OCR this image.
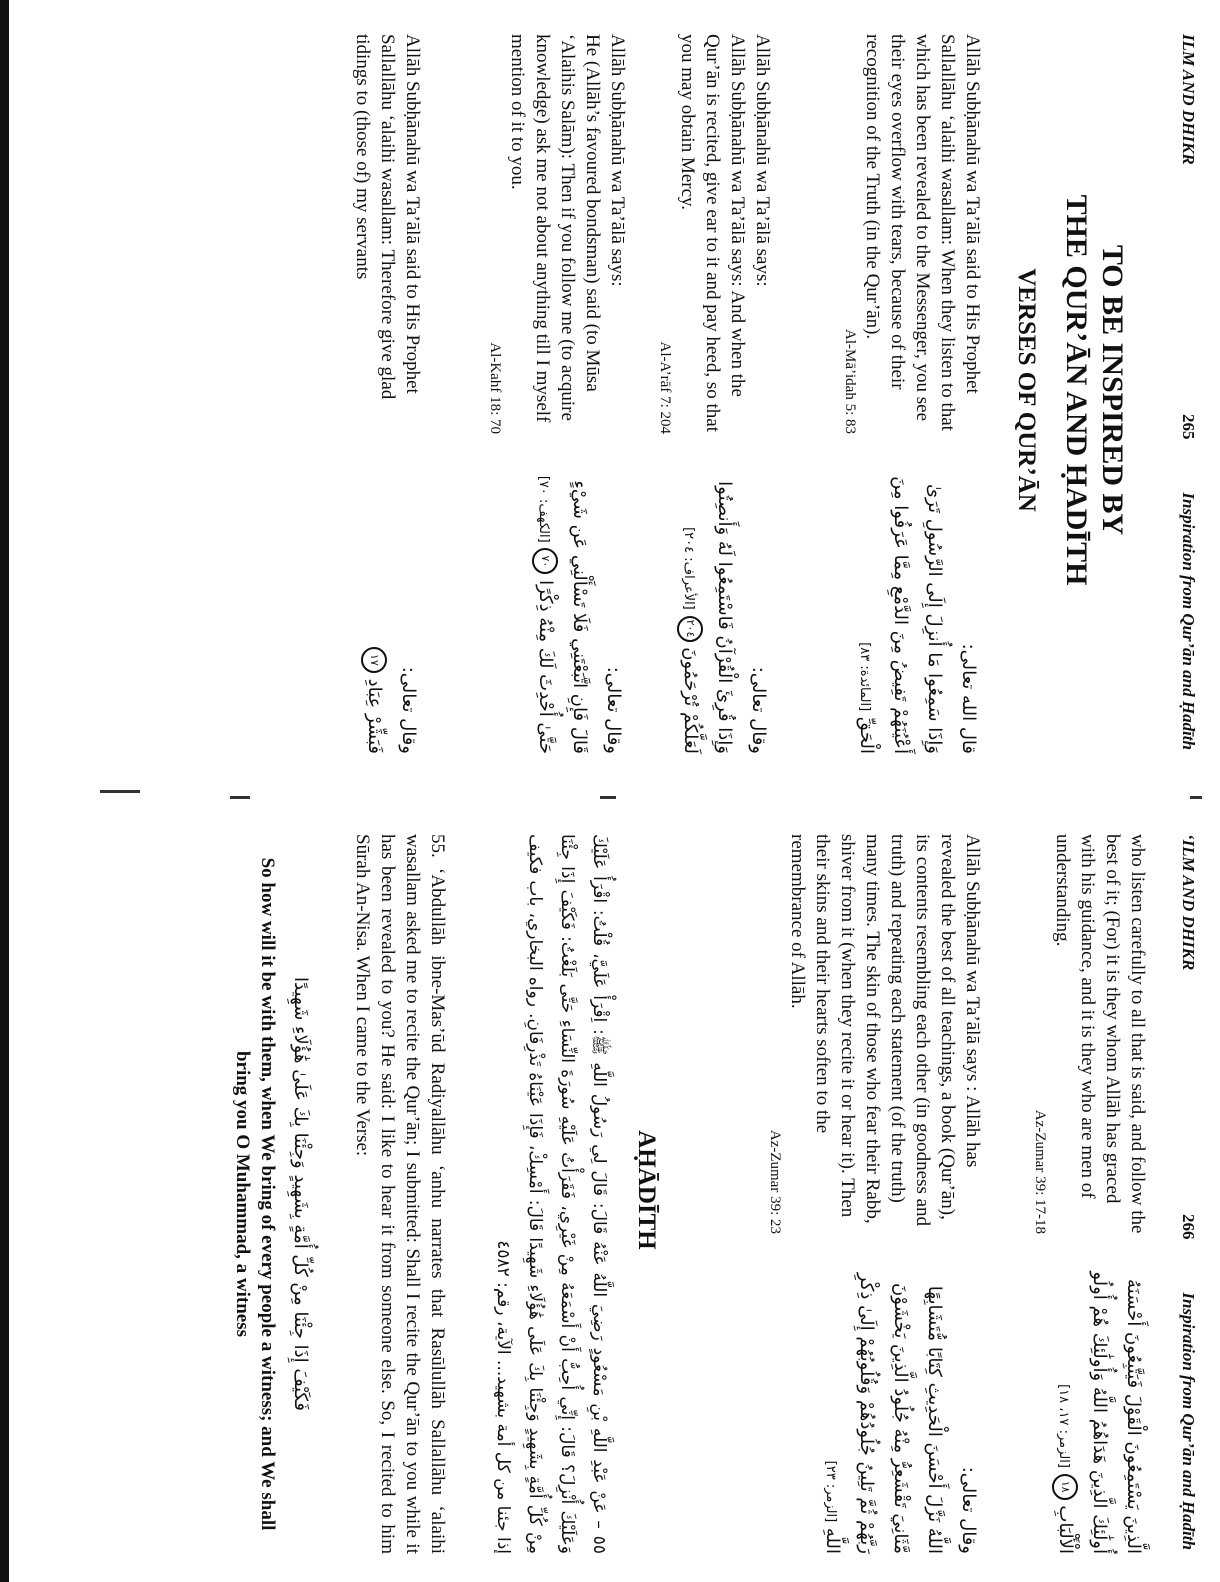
ILM AND DHIKR
265
Inspiration from Qur’ān and Ḥadīth
TO BE INSPIRED BY
THE QUR’ĀN AND ḤADĪTH
VERSES OF QUR’ĀN
Allāh Subḥānahū wa Ta’ālā said to His Prophet Sallallāhu ‘alaihi wasallam: When they listen to that which has been revealed to the Messenger, you see their eyes overflow with tears, because of their recognition of the Truth (in the Qur’ān).
Al-Mā’idah 5: 83
قال الله تعالى:
وَإِذَا سَمِعُوا مَا أُنزِلَ إِلَى الرَّسُولِ تَرَىٰ أَعْيُنَهُمْ تَفِيضُ مِنَ الدَّمْعِ مِمَّا عَرَفُوا مِنَ الْحَقِّ [المائدة: ٨٣]
Allāh Subḥānahū wa Ta’ālā says:
Allāh Subḥānahū wa Ta’ālā says: And when the Qur’ān is recited, give ear to it and pay heed, so that you may obtain Mercy.
Al-A’rāf 7: 204
وقال تعالى:
وَإِذَا قُرِئَ الْقُرْآنُ فَاسْتَمِعُوا لَهُ وَأَنصِتُوا لَعَلَّكُمْ تُرْحَمُونَ ٢٠٤ [الأعراف: ٢٠٤]
Allāh Subḥānahū wa Ta’ālā says:
He (Allāh’s favoured bondsman) said (to Mūsa ‘Alaihis Salām): Then if you follow me (to acquire knowledge) ask me not about anything till I myself mention of it to you.
Al-Kahf 18: 70
وقال تعالى:
قَالَ فَإِنِ اتَّبَعْتَنِي فَلَا تَسْأَلْنِي عَن شَيْءٍ حَتَّىٰ أُحْدِثَ لَكَ مِنْهُ ذِكْرًا ٧٠ [الكهف: ٧٠]
Allāh Subḥānahū wa Ta’ālā said to His Prophet Sallallāhu ‘alaihi wasallam: Therefore give glad tidings to (those of) my servants
وقال تعالى:
فَبَشِّرْ عِبَادِ ١٧
‘ILM AND DHIKR
266
Inspiration from Qur’ān and Ḥadīth
who listen carefully to all that is said, and follow the best of it; (For) it is they whom Allāh has graced with his guidance, and it is they who are men of understanding.
Az-Zumar 39: 17-18
الَّذِينَ يَسْتَمِعُونَ الْقَوْلَ فَيَتَّبِعُونَ أَحْسَنَهُ أُولَٰئِكَ الَّذِينَ هَدَاهُمُ اللَّهُ وَأُولَٰئِكَ هُمْ أُولُو الْأَلْبَابِ ١٨ [الزمر: ١٧، ١٨]
Allāh Subḥānahū wa Ta’ālā says : Allāh has revealed the best of all teachings, a book (Qur’ān), its contents resembling each other (in goodness and truth) and repeating each statement (of the truth) many times. The skin of those who fear their Rabb, shiver from it (when they recite it or hear it). Then their skins and their hearts soften to the remembrance of Allāh.
Az-Zumar 39: 23
وقال تعالى:
اللَّهُ نَزَّلَ أَحْسَنَ الْحَدِيثِ كِتَابًا مُّتَشَابِهًا مَّثَانِيَ تَقْشَعِرُّ مِنْهُ جُلُودُ الَّذِينَ يَخْشَوْنَ رَبَّهُمْ ثُمَّ تَلِينُ جُلُودُهُمْ وَقُلُوبُهُمْ إِلَىٰ ذِكْرِ اللَّهِ [الزمر: ٢٣]
AḤĀDĪTH
٥٥ – عَنْ عَبْدِ اللَّهِ بْنِ مَسْعُودٍ رَضِيَ اللَّهُ عَنْهُ قَالَ: قَالَ لِي رَسُولُ اللَّهِ ﷺ: اِقْرَأْ عَلَيَّ، قُلْتُ: اقْرَأُ عَلَيْكَ وَعَلَيْكَ أُنْزِلَ؟ قَالَ: إِنِّي أُحِبُّ أَنْ أَسْمَعَهُ مِنْ غَيْرِي، فَقَرَأْتُ عَلَيْهِ سُورَةَ النِّسَاءِ حَتَّى بَلَغْتُ: فَكَيْفَ إِذَا جِئْنَا مِنْ كُلِّ أُمَّةٍ بِشَهِيدٍ وَجِئْنَا بِكَ عَلَى هَٰؤُلَاءِ شَهِيدًا قَالَ: أَمْسِكْ، فَإِذَا عَيْنَاهُ تَذْرِفَانِ. رواه البخاري، باب فكيف إذا جئنا من كل أمة بشهيد... الآية، رقم: ٤٥٨٢
55. ‘Abdullāh ibne-Mas’ūd Radiyallāhu ‘anhu narrates that Rasūlullāh Sallallāhu ‘alaihi wasallam asked me to recite the Qur’ān; I submitted: Shall I recite the Qur’ān to you while it has been revealed to you? He said: I like to hear it from someone else. So, I recited to him Sūrah An-Nisa. When I came to the Verse:
فَكَيْفَ إِذَا جِئْنَا مِنْ كُلِّ أُمَّةٍ بِشَهِيدٍ وَجِئْنَا بِكَ عَلَىٰ هَٰؤُلَاءِ شَهِيدًا
So how will it be with them, when We bring of every people a witness; and We shall bring you O Muhammad, a witness
